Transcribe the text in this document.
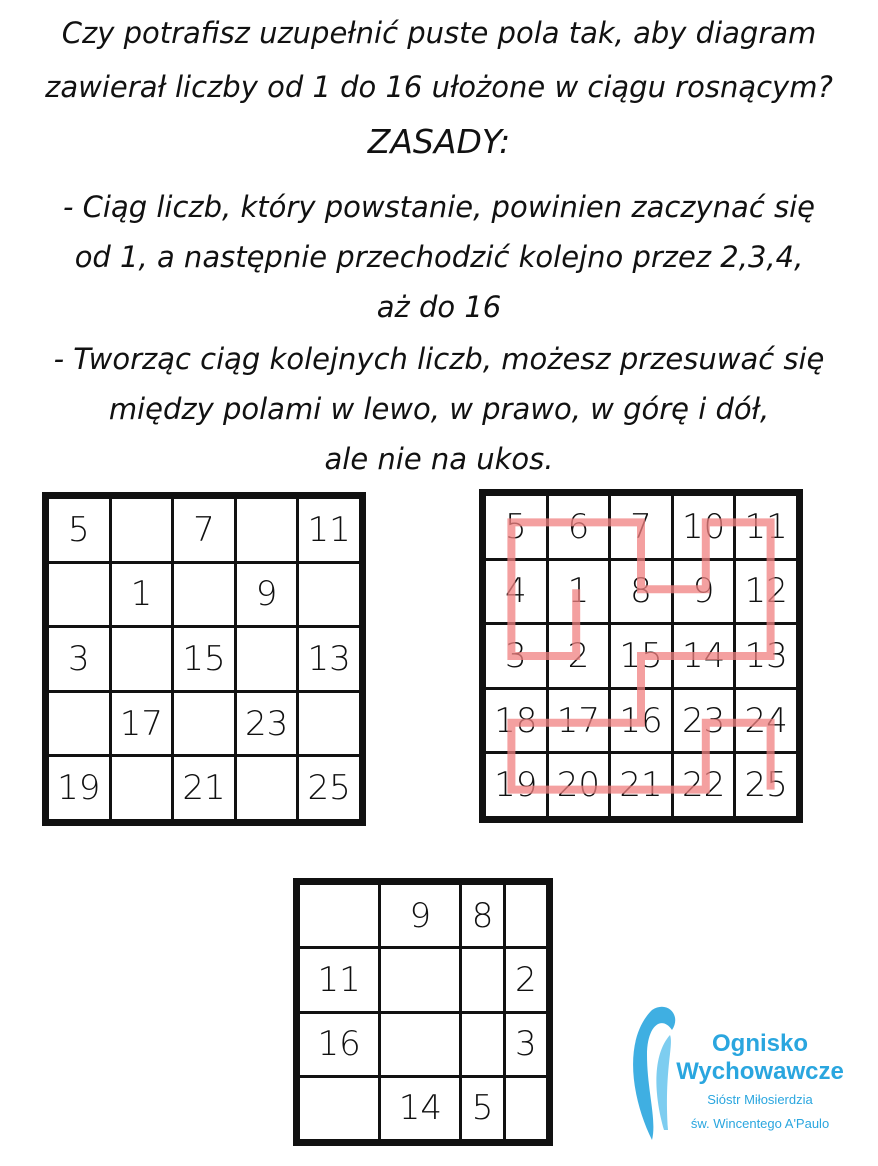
Czy potrafisz uzupełnić puste pola tak, aby diagram
zawierał liczby od 1 do 16 ułożone w ciągu rosnącym?
ZASADY:
- Ciąg liczb, który powstanie, powinien zaczynać się
od 1, a następnie przechodzić kolejno przez 2,3,4,
aż do 16
- Tworząc ciąg kolejnych liczb, możesz przesuwać się
między polami w lewo, w prawo, w górę i dół,
ale nie na ukos.
5		7		11
	1		9	
3		15		13
	17		23	
19		21		25
5	6	7	10	11
4	1	8	9	12
3	2	15	14	13
18	17	16	23	24
19	20	21	22	25
	9	8	
11			2
16			3
	14	5	
Ognisko
Wychowawcze
Sióstr Miłosierdzia
św. Wincentego A'Paulo
